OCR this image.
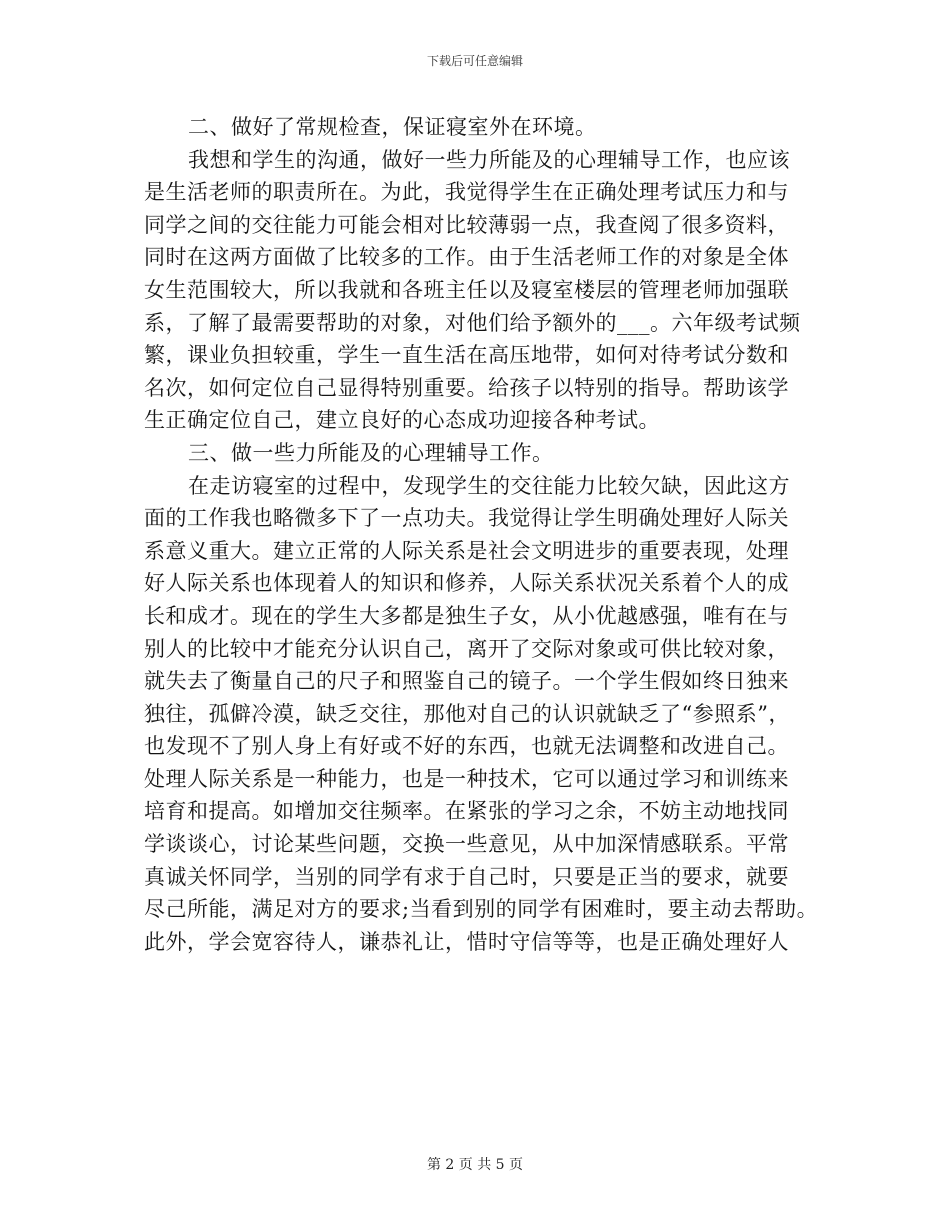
下载后可任意编辑
二、做好了常规检查，保证寝室外在环境。
我想和学生的沟通，做好一些力所能及的心理辅导工作，也应该
是生活老师的职责所在。为此，我觉得学生在正确处理考试压力和与
同学之间的交往能力可能会相对比较薄弱一点，我查阅了很多资料，
同时在这两方面做了比较多的工作。由于生活老师工作的对象是全体
女生范围较大，所以我就和各班主任以及寝室楼层的管理老师加强联
系，了解了最需要帮助的对象，对他们给予额外的___。六年级考试频
繁，课业负担较重，学生一直生活在高压地带，如何对待考试分数和
名次，如何定位自己显得特别重要。给孩子以特别的指导。帮助该学
生正确定位自己，建立良好的心态成功迎接各种考试。
三、做一些力所能及的心理辅导工作。
在走访寝室的过程中，发现学生的交往能力比较欠缺，因此这方
面的工作我也略微多下了一点功夫。我觉得让学生明确处理好人际关
系意义重大。建立正常的人际关系是社会文明进步的重要表现，处理
好人际关系也体现着人的知识和修养，人际关系状况关系着个人的成
长和成才。现在的学生大多都是独生子女，从小优越感强，唯有在与
别人的比较中才能充分认识自己，离开了交际对象或可供比较对象，
就失去了衡量自己的尺子和照鉴自己的镜子。一个学生假如终日独来
独往，孤僻冷漠，缺乏交往，那他对自己的认识就缺乏了“参照系”，
也发现不了别人身上有好或不好的东西，也就无法调整和改进自己。
处理人际关系是一种能力，也是一种技术，它可以通过学习和训练来
培育和提高。如增加交往频率。在紧张的学习之余，不妨主动地找同
学谈谈心，讨论某些问题，交换一些意见，从中加深情感联系。平常
真诚关怀同学，当别的同学有求于自己时，只要是正当的要求，就要
尽己所能，满足对方的要求;当看到别的同学有困难时，要主动去帮助。
此外，学会宽容待人，谦恭礼让，惜时守信等等，也是正确处理好人
第 2 页 共 5 页
